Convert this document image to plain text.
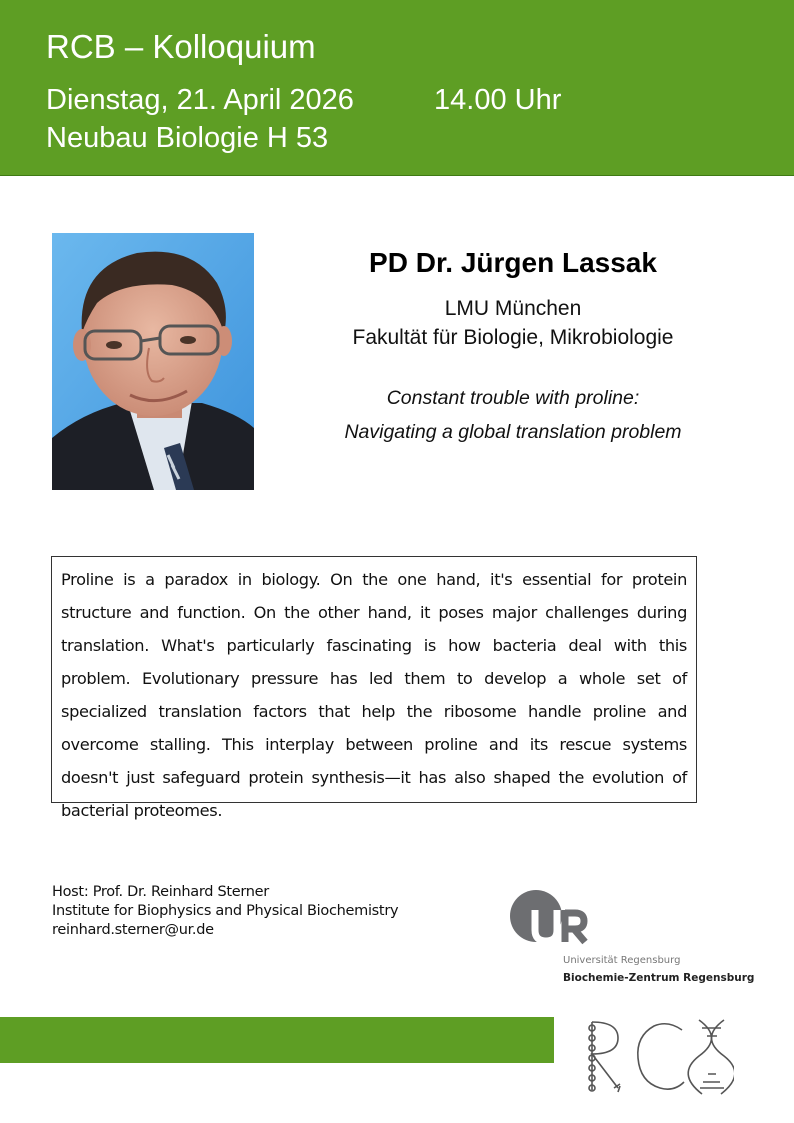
RCB – Kolloquium
Dienstag, 21. April 2026	14.00 Uhr
Neubau Biologie H 53
PD Dr. Jürgen Lassak
LMU München
Fakultät für Biologie, Mikrobiologie
Constant trouble with proline:
Navigating a global translation problem

Proline is a paradox in biology. On the one hand, it's essential for protein structure and function. On the other hand, it poses major challenges during translation. What's particularly fascinating is how bacteria deal with this problem. Evolutionary pressure has led them to develop a whole set of specialized translation factors that help the ribosome handle proline and overcome stalling. This interplay between proline and its rescue systems doesn't just safeguard protein synthesis—it has also shaped the evolution of bacterial proteomes.

Host: Prof. Dr. Reinhard Sterner
Institute for Biophysics and Physical Biochemistry
reinhard.sterner@ur.de
Universität Regensburg
Biochemie-Zentrum Regensburg
